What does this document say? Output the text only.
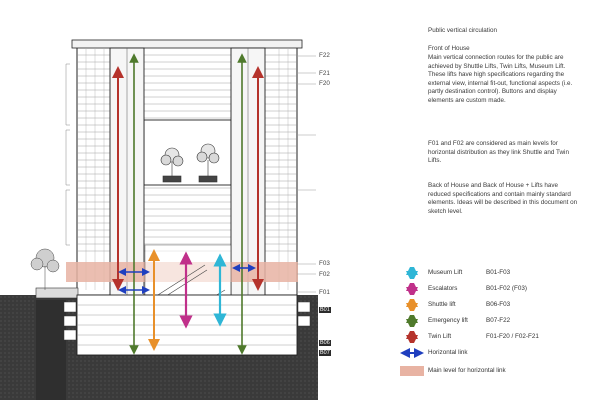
F22
F21
F20
F03
F02
F01
B01
B06
B07
Public vertical circulation
Front of House
Main vertical connection routes for the public are achieved by Shuttle Lifts, Twin Lifts, Museum Lift. These lifts have high specifications regarding the external view, internal fit-out, functional aspects (i.e. partly destination control). Buttons and display elements are custom made.
F01 and F02 are considered as main levels for horizontal distribution as they link Shuttle and Twin Lifts.
Back of House and Back of House + Lifts have reduced specifications and contain mainly standard elements. Ideas will be described in this document on sketch level.
Museum Lift	B01-F03
Escalators	B01-F02 (F03)
Shuttle lift	B06-F03
Emergency lift	B07-F22
Twin Lift	F01-F20 / F02-F21
Horizontal link
Main level for horizontal link
